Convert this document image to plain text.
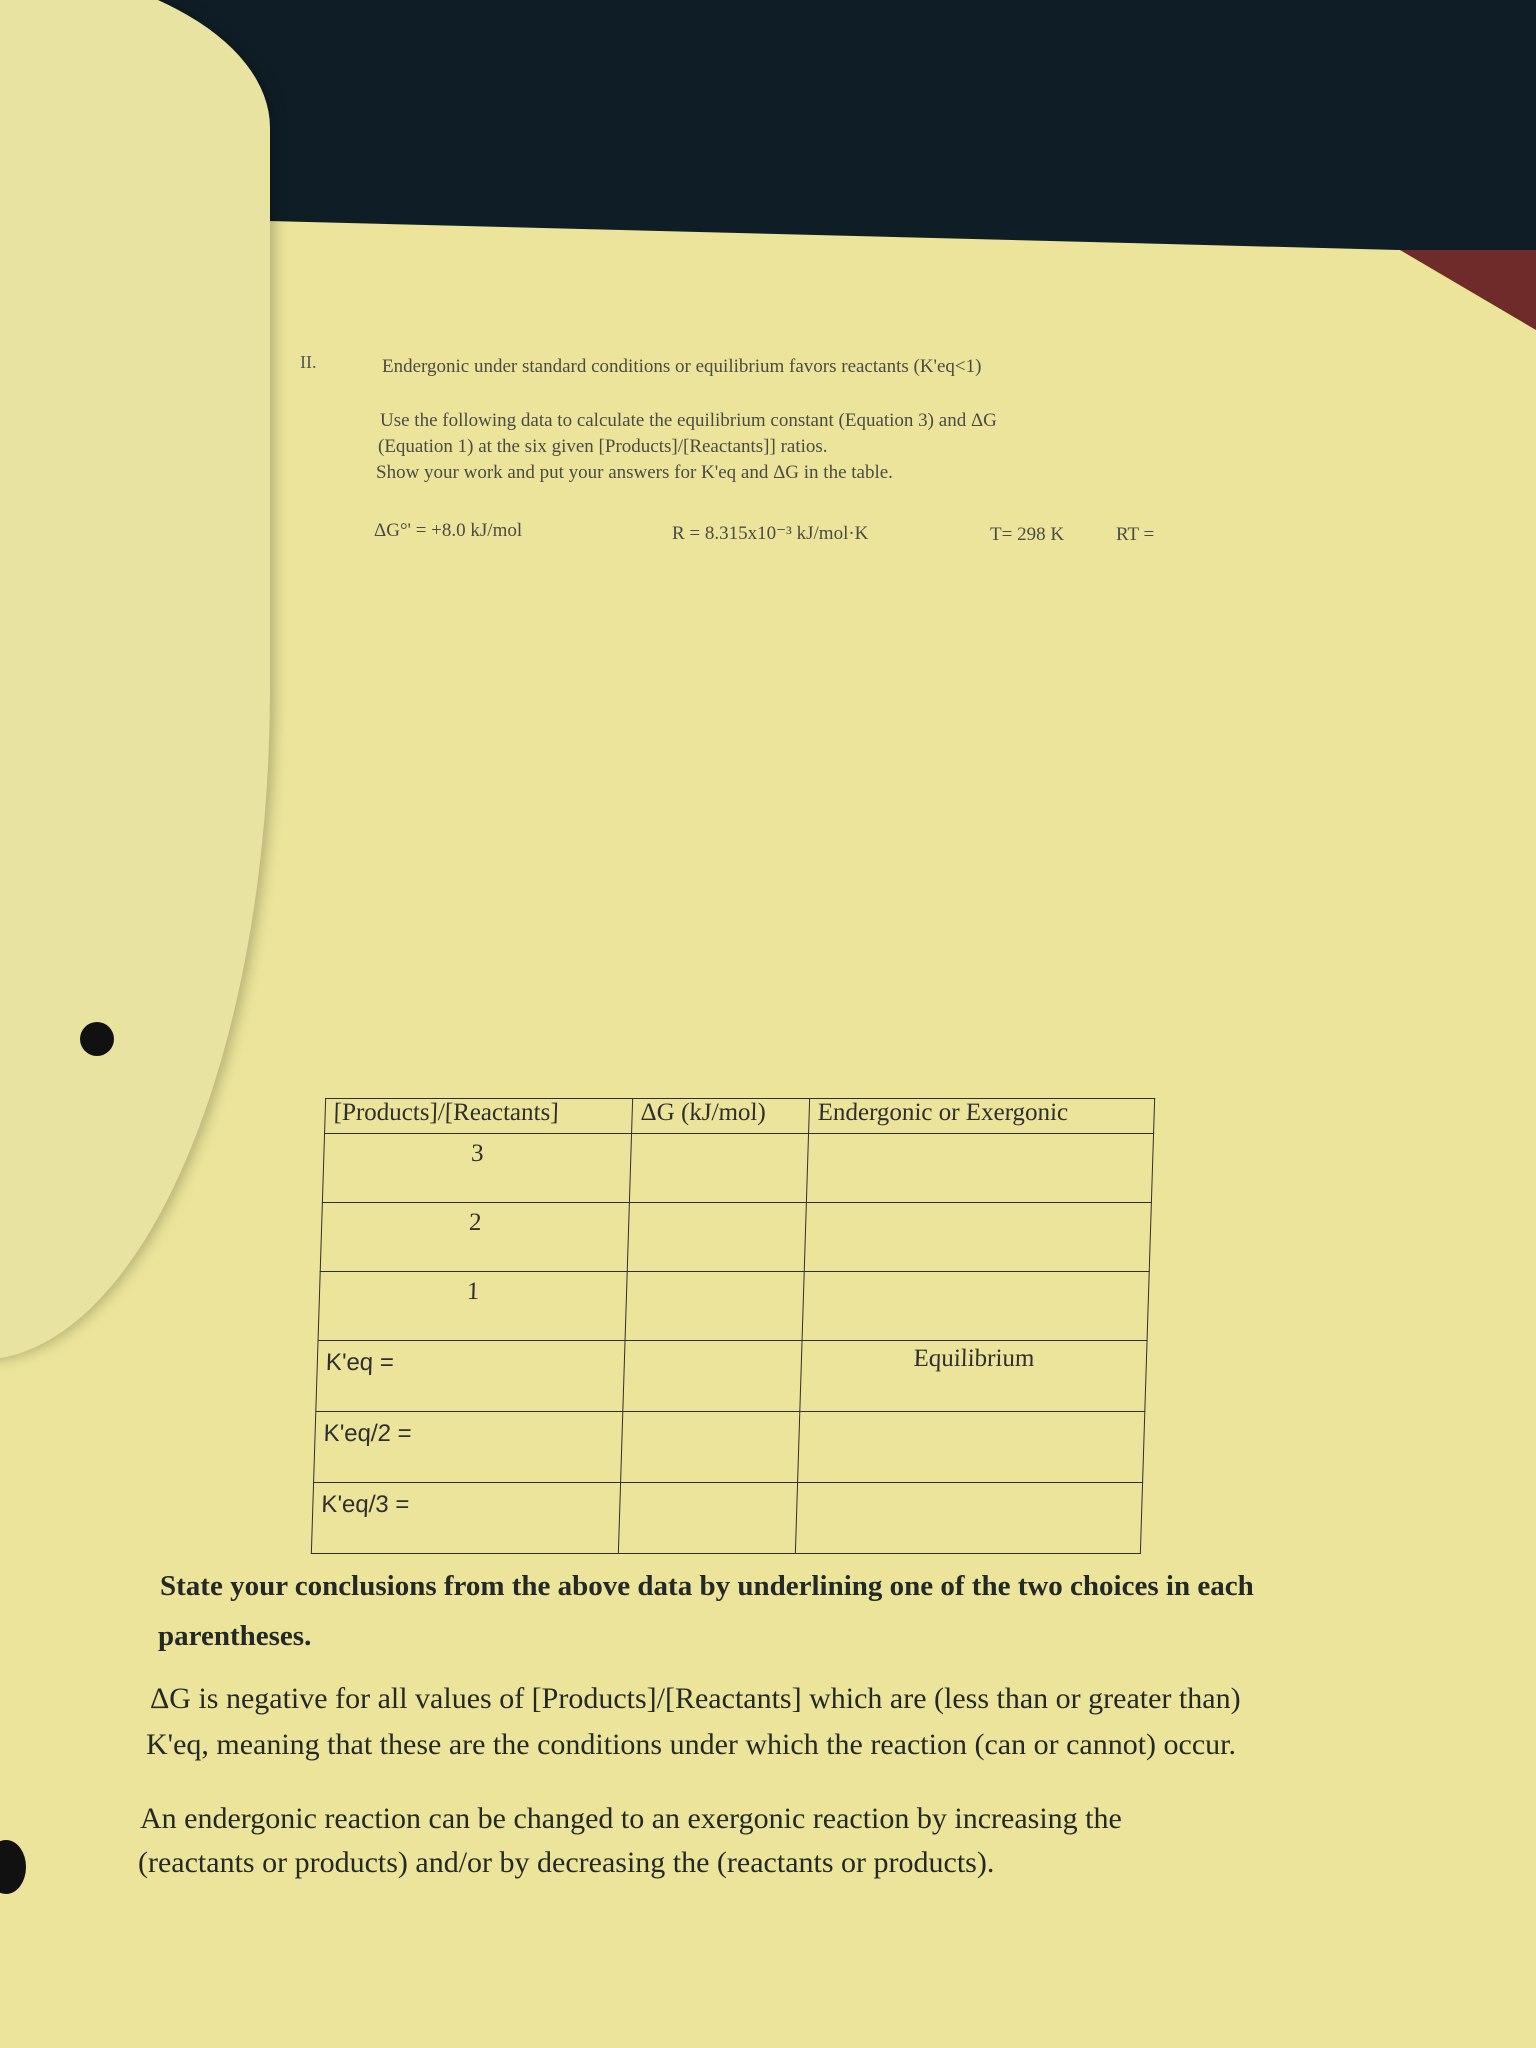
II.	Endergonic under standard conditions or equilibrium favors reactants (K'eq<1)
Use the following data to calculate the equilibrium constant (Equation 3) and ΔG
(Equation 1) at the six given [Products]/[Reactants]] ratios.
Show your work and put your answers for K'eq and ΔG in the table.
ΔG°' = +8.0 kJ/mol	R = 8.315x10⁻³ kJ/mol·K	T= 298 K	RT =
[Products]/[Reactants]	ΔG (kJ/mol)	Endergonic or Exergonic
3		
2		
1		
K'eq =		Equilibrium
K'eq/2 =		
K'eq/3 =		
State your conclusions from the above data by underlining one of the two choices in each
parentheses.
ΔG is negative for all values of [Products]/[Reactants] which are (less than or greater than)
K'eq, meaning that these are the conditions under which the reaction (can or cannot) occur.
An endergonic reaction can be changed to an exergonic reaction by increasing the
(reactants or products) and/or by decreasing the (reactants or products).
